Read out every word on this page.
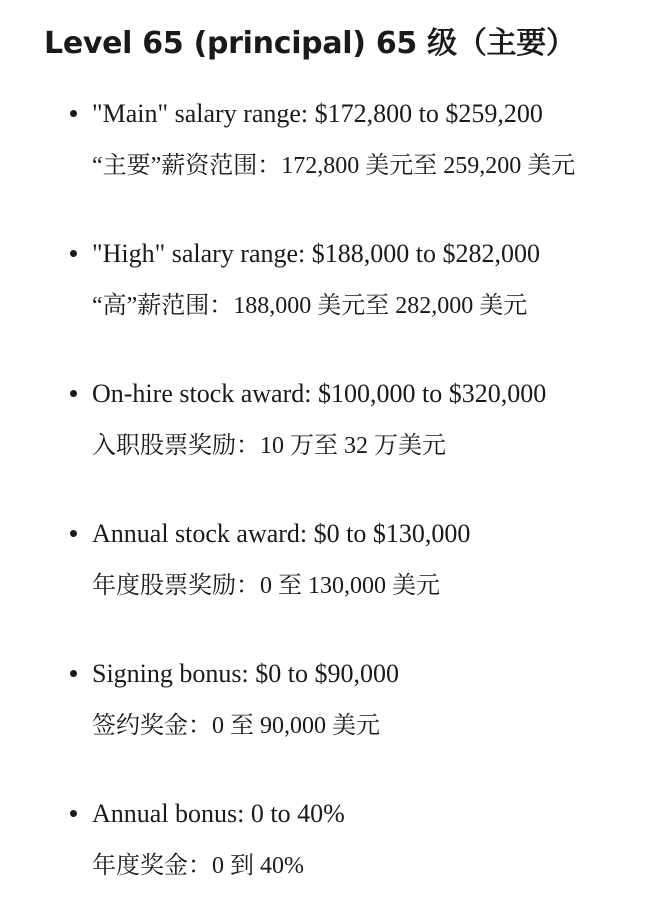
Level 65 (principal) 65 级（主要）
"Main" salary range: $172,800 to $259,200
“主要”薪资范围：172,800 美元至 259,200 美元
"High" salary range: $188,000 to $282,000
“高”薪范围：188,000 美元至 282,000 美元
On-hire stock award: $100,000 to $320,000
入职股票奖励：10 万至 32 万美元
Annual stock award: $0 to $130,000
年度股票奖励：0 至 130,000 美元
Signing bonus: $0 to $90,000
签约奖金：0 至 90,000 美元
Annual bonus: 0 to 40%
年度奖金：0 到 40%
